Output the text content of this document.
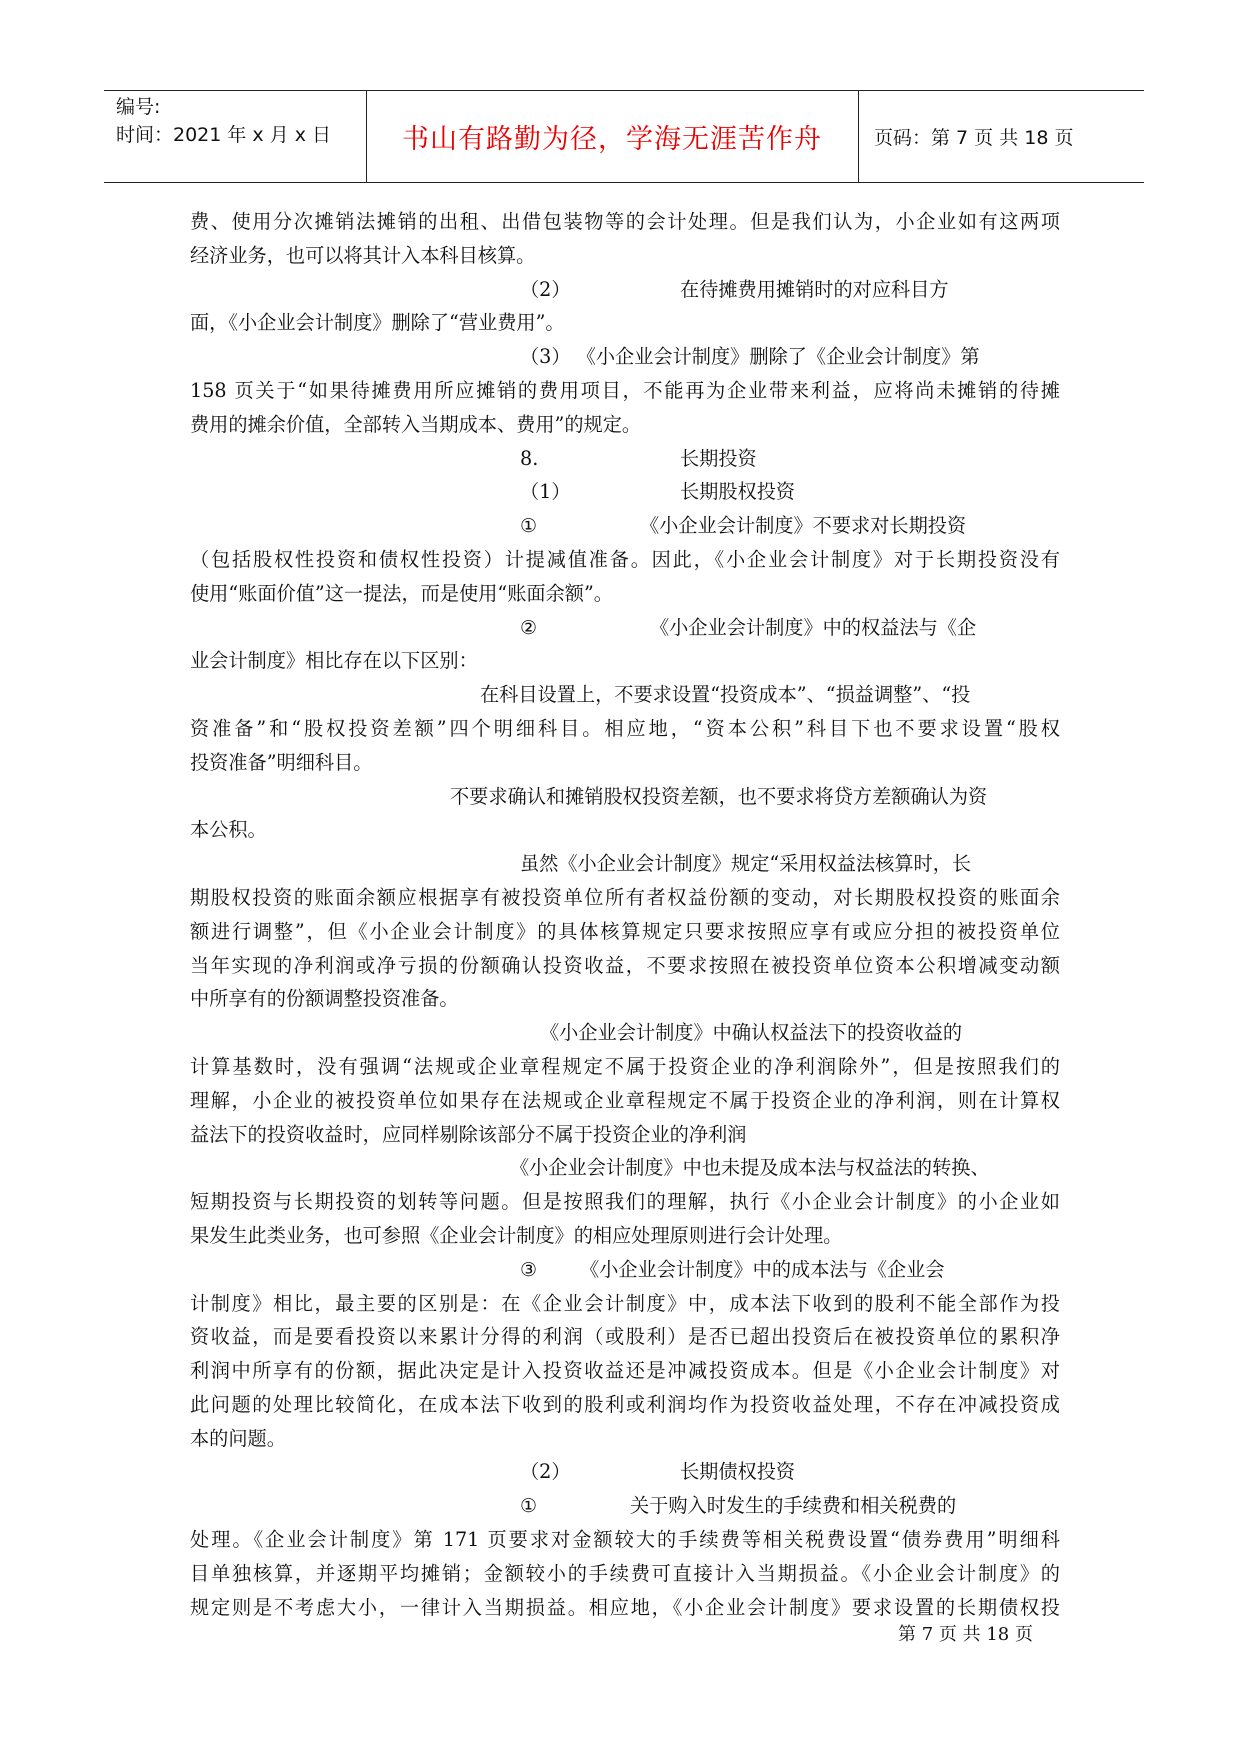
编号:
时间：2021 年 x 月 x 日	书山有路勤为径，学海无涯苦作舟	页码：第 7 页 共 18 页
费、使用分次摊销法摊销的出租、出借包装物等的会计处理。但是我们认为，小企业如有这两项
经济业务，也可以将其计入本科目核算。
（2）	在待摊费用摊销时的对应科目方
面，《小企业会计制度》删除了“营业费用”。
（3） 《小企业会计制度》删除了《企业会计制度》第
158 页关于“如果待摊费用所应摊销的费用项目，不能再为企业带来利益，应将尚未摊销的待摊
费用的摊余价值，全部转入当期成本、费用”的规定。
8.	长期投资
（1）	长期股权投资
①	《小企业会计制度》不要求对长期投资
（包括股权性投资和债权性投资）计提减值准备。因此，《小企业会计制度》对于长期投资没有
使用“账面价值”这一提法，而是使用“账面余额”。
②	《小企业会计制度》中的权益法与《企
业会计制度》相比存在以下区别：
在科目设置上，不要求设置“投资成本”、“损益调整”、“投
资准备”和“股权投资差额”四个明细科目。相应地，“资本公积”科目下也不要求设置“股权
投资准备”明细科目。
不要求确认和摊销股权投资差额，也不要求将贷方差额确认为资
本公积。
虽然《小企业会计制度》规定“采用权益法核算时，长
期股权投资的账面余额应根据享有被投资单位所有者权益份额的变动，对长期股权投资的账面余
额进行调整”，但《小企业会计制度》的具体核算规定只要求按照应享有或应分担的被投资单位
当年实现的净利润或净亏损的份额确认投资收益，不要求按照在被投资单位资本公积增减变动额
中所享有的份额调整投资准备。
《小企业会计制度》中确认权益法下的投资收益的
计算基数时，没有强调“法规或企业章程规定不属于投资企业的净利润除外”，但是按照我们的
理解，小企业的被投资单位如果存在法规或企业章程规定不属于投资企业的净利润，则在计算权
益法下的投资收益时，应同样剔除该部分不属于投资企业的净利润
《小企业会计制度》中也未提及成本法与权益法的转换、
短期投资与长期投资的划转等问题。但是按照我们的理解，执行《小企业会计制度》的小企业如
果发生此类业务，也可参照《企业会计制度》的相应处理原则进行会计处理。
③ 《小企业会计制度》中的成本法与《企业会
计制度》相比，最主要的区别是：在《企业会计制度》中，成本法下收到的股利不能全部作为投
资收益，而是要看投资以来累计分得的利润（或股利）是否已超出投资后在被投资单位的累积净
利润中所享有的份额，据此决定是计入投资收益还是冲减投资成本。但是《小企业会计制度》对
此问题的处理比较简化，在成本法下收到的股利或利润均作为投资收益处理，不存在冲减投资成
本的问题。
（2）	长期债权投资
①	关于购入时发生的手续费和相关税费的
处理。《企业会计制度》第 171 页要求对金额较大的手续费等相关税费设置“债券费用”明细科
目单独核算，并逐期平均摊销；金额较小的手续费可直接计入当期损益。《小企业会计制度》的
规定则是不考虑大小，一律计入当期损益。相应地，《小企业会计制度》要求设置的长期债权投
第 7 页 共 18 页
